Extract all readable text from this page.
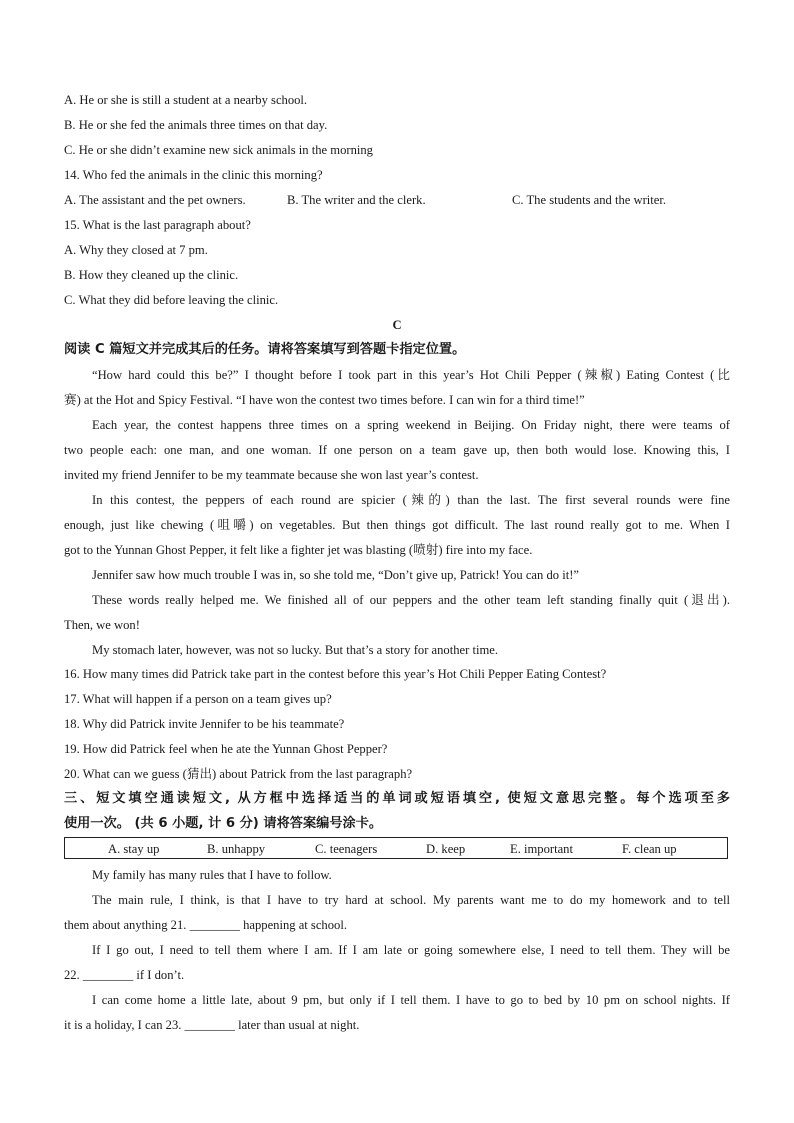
A. He or she is still a student at a nearby school.
B. He or she fed the animals three times on that day.
C. He or she didn’t examine new sick animals in the morning
14. Who fed the animals in the clinic this morning?
A. The assistant and the pet owners.	B. The writer and the clerk.	C. The students and the writer.
15. What is the last paragraph about?
A. Why they closed at 7 pm.
B. How they cleaned up the clinic.
C. What they did before leaving the clinic.
C
阅读 C 篇短文并完成其后的任务。请将答案填写到答题卡指定位置。
“How hard could this be?” I thought before I took part in this year’s Hot Chili Pepper (辣椒) Eating Contest (比
赛) at the Hot and Spicy Festival. “I have won the contest two times before. I can win for a third time!”
Each year, the contest happens three times on a spring weekend in Beijing. On Friday night, there were teams of
two people each: one man, and one woman. If one person on a team gave up, then both would lose. Knowing this, I
invited my friend Jennifer to be my teammate because she won last year’s contest.
In this contest, the peppers of each round are spicier (辣的) than the last. The first several rounds were fine
enough, just like chewing (咀嚼) on vegetables. But then things got difficult. The last round really got to me. When I
got to the Yunnan Ghost Pepper, it felt like a fighter jet was blasting (喷射) fire into my face.
Jennifer saw how much trouble I was in, so she told me, “Don’t give up, Patrick! You can do it!”
These words really helped me. We finished all of our peppers and the other team left standing finally quit (退出).
Then, we won!
My stomach later, however, was not so lucky. But that’s a story for another time.
16. How many times did Patrick take part in the contest before this year’s Hot Chili Pepper Eating Contest?
17. What will happen if a person on a team gives up?
18. Why did Patrick invite Jennifer to be his teammate?
19. How did Patrick feel when he ate the Yunnan Ghost Pepper?
20. What can we guess (猜出) about Patrick from the last paragraph?
三、短文填空通读短文, 从方框中选择适当的单词或短语填空, 使短文意思完整。每个选项至多
使用一次。 (共 6 小题, 计 6 分) 请将答案编号涂卡。
A. stay up	B. unhappy	C. teenagers	D. keep	E. important	F. clean up
My family has many rules that I have to follow.
The main rule, I think, is that I have to try hard at school. My parents want me to do my homework and to tell
them about anything 21. ________ happening at school.
If I go out, I need to tell them where I am. If I am late or going somewhere else, I need to tell them. They will be
22. ________ if I don’t.
I can come home a little late, about 9 pm, but only if I tell them. I have to go to bed by 10 pm on school nights. If
it is a holiday, I can 23. ________ later than usual at night.
